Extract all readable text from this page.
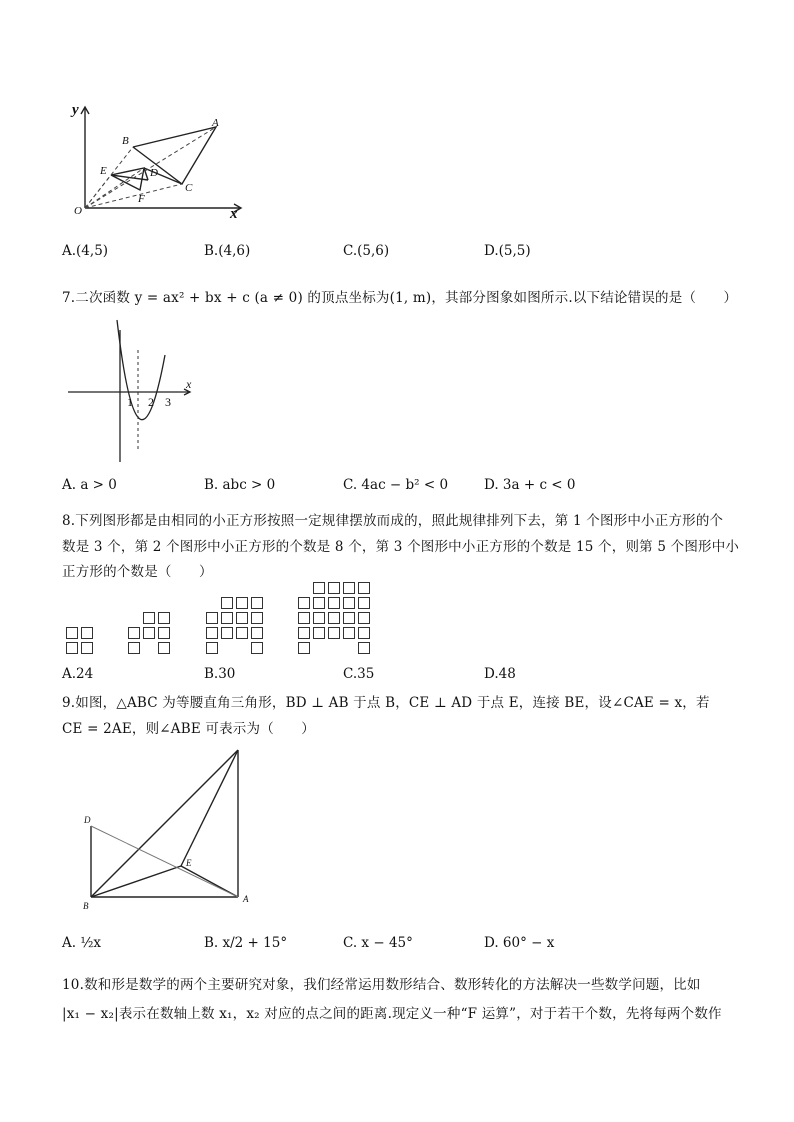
y
x
O
A
B
C
D
E
F
A.(4,5)	B.(4,6)	C.(5,6)	D.(5,5)
7.二次函数 y = ax² + bx + c (a ≠ 0) 的顶点坐标为(1, m)，其部分图象如图所示.以下结论错误的是（　　）
x
1 2 3
A. a > 0	B. abc > 0	C. 4ac − b² < 0	D. 3a + c < 0
8.下列图形都是由相同的小正方形按照一定规律摆放而成的，照此规律排列下去，第 1 个图形中小正方形的个
数是 3 个，第 2 个图形中小正方形的个数是 8 个，第 3 个图形中小正方形的个数是 15 个，则第 5 个图形中小
正方形的个数是（　　）
A.24	B.30	C.35	D.48
9.如图，△ABC 为等腰直角三角形，BD ⊥ AB 于点 B，CE ⊥ AD 于点 E，连接 BE，设∠CAE = x，若
CE = 2AE，则∠ABE 可表示为（　　）
D
E
B
A
A. ½x	B. x/2 + 15°	C. x − 45°	D. 60° − x
10.数和形是数学的两个主要研究对象，我们经常运用数形结合、数形转化的方法解决一些数学问题，比如
|x₁ − x₂|表示在数轴上数 x₁，x₂ 对应的点之间的距离.现定义一种“F 运算”，对于若干个数，先将每两个数作
